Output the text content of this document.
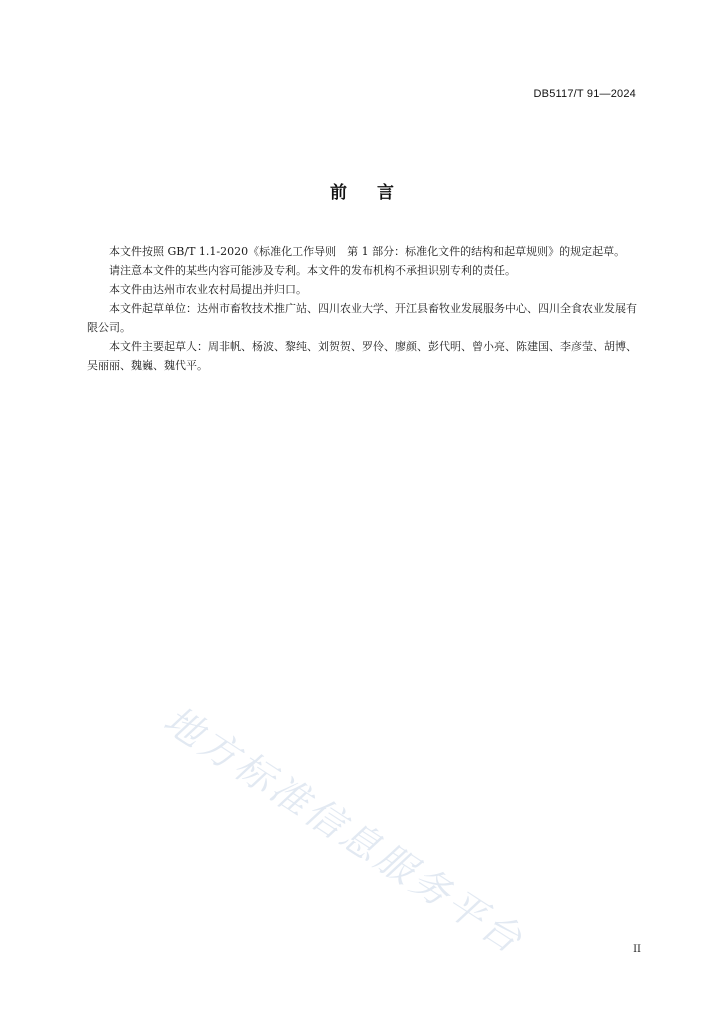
DB5117/T 91—2024
前言

本文件按照 GB/T 1.1-2020《标准化工作导则　第 1 部分：标准化文件的结构和起草规则》的规定起草。

请注意本文件的某些内容可能涉及专利。本文件的发布机构不承担识别专利的责任。

本文件由达州市农业农村局提出并归口。

本文件起草单位：达州市畜牧技术推广站、四川农业大学、开江县畜牧业发展服务中心、四川全食农业发展有限公司。

本文件主要起草人：周非帆、杨波、黎纯、刘贺贺、罗伶、廖颜、彭代明、曾小亮、陈建国、李彦莹、胡博、吴丽丽、魏巍、魏代平。

地方标准信息服务平台	II
